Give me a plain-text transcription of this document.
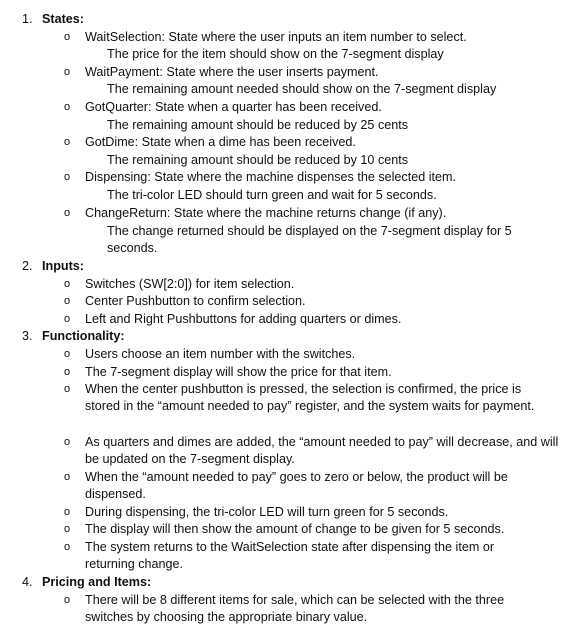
1. States:
o WaitSelection: State where the user inputs an item number to select.
The price for the item should show on the 7-segment display
o WaitPayment: State where the user inserts payment.
The remaining amount needed should show on the 7-segment display
o GotQuarter: State when a quarter has been received.
The remaining amount should be reduced by 25 cents
o GotDime: State when a dime has been received.
The remaining amount should be reduced by 10 cents
o Dispensing: State where the machine dispenses the selected item.
The tri-color LED should turn green and wait for 5 seconds.
o ChangeReturn: State where the machine returns change (if any).
The change returned should be displayed on the 7-segment display for 5 seconds.
2. Inputs:
o Switches (SW[2:0]) for item selection.
o Center Pushbutton to confirm selection.
o Left and Right Pushbuttons for adding quarters or dimes.
3. Functionality:
o Users choose an item number with the switches.
o The 7-segment display will show the price for that item.
o When the center pushbutton is pressed, the selection is confirmed, the price is stored in the “amount needed to pay” register, and the system waits for payment.
o As quarters and dimes are added, the “amount needed to pay” will decrease, and will be updated on the 7-segment display.
o When the “amount needed to pay” goes to zero or below, the product will be dispensed.
o During dispensing, the tri-color LED will turn green for 5 seconds.
o The display will then show the amount of change to be given for 5 seconds.
o The system returns to the WaitSelection state after dispensing the item or returning change.
4. Pricing and Items:
o There will be 8 different items for sale, which can be selected with the three switches by choosing the appropriate binary value.
